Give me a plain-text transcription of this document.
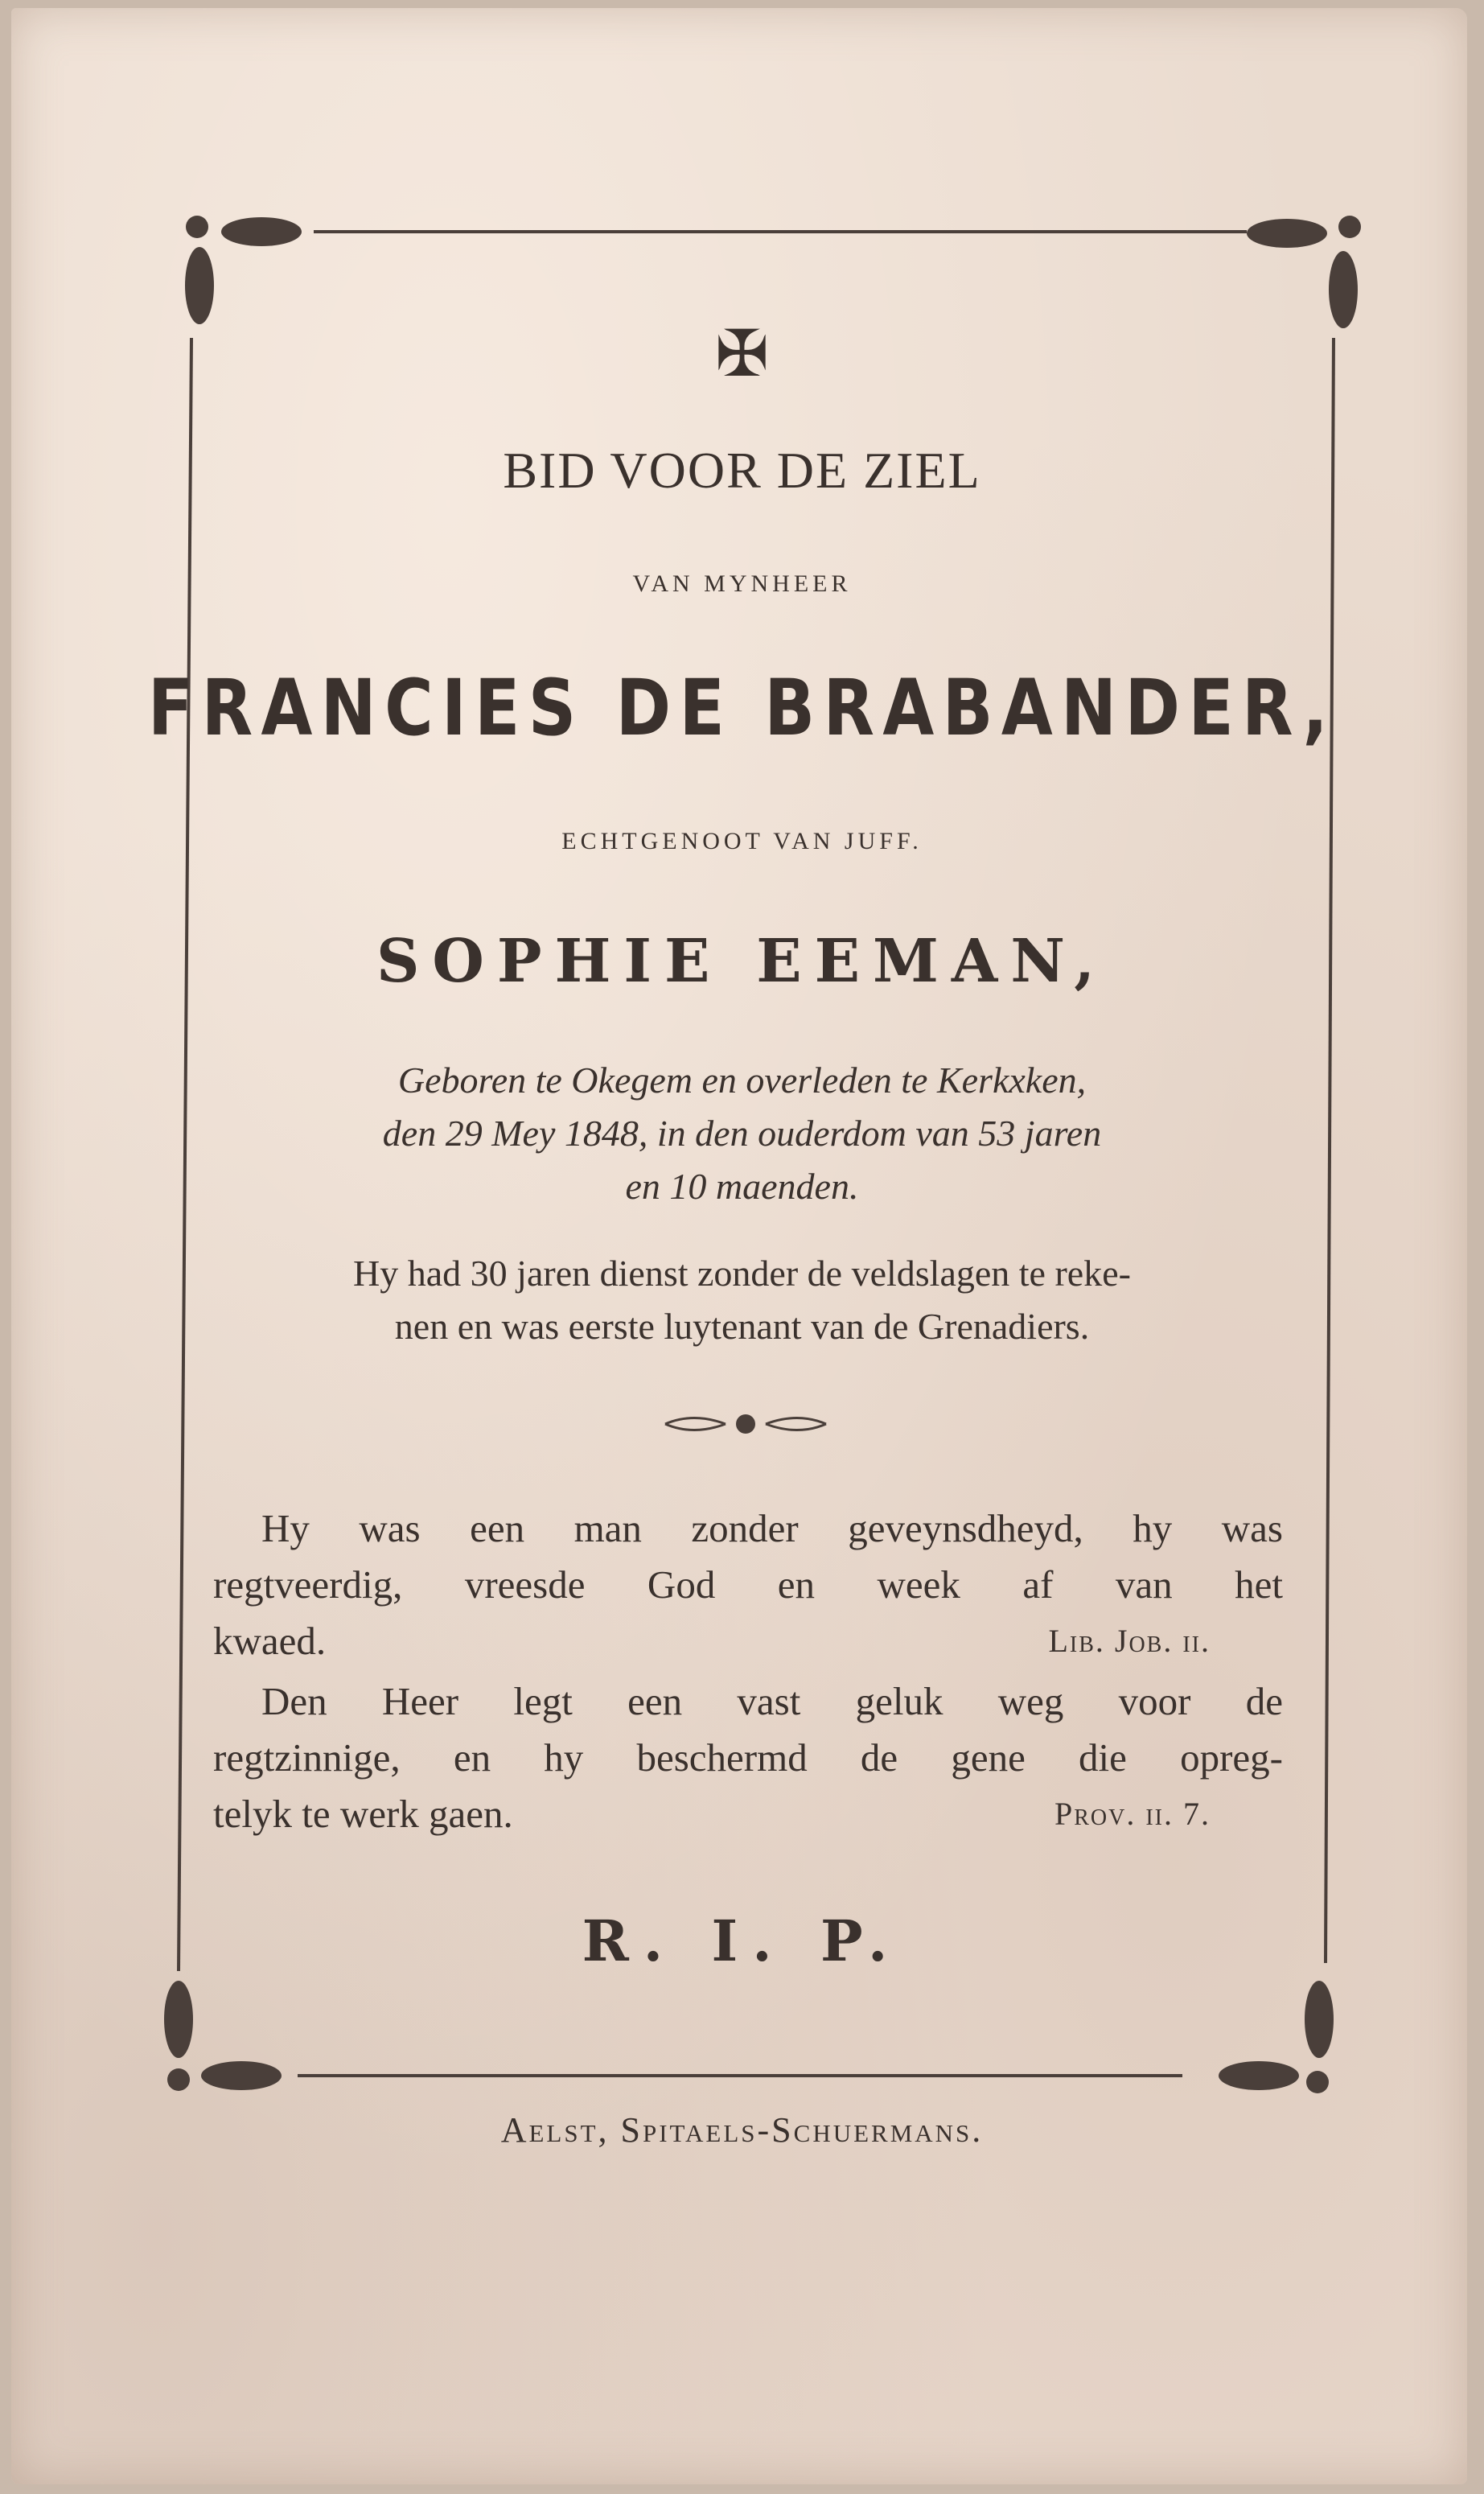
✠

BID VOOR DE ZIEL

VAN MYNHEER

FRANCIES DE BRABANDER,

ECHTGENOOT VAN JUFF.

SOPHIE EEMAN,

Geboren te Okegem en overleden te Kerkxken,
den 29 Mey 1848, in den ouderdom van 53 jaren
en 10 maenden.
Hy had 30 jaren dienst zonder de veldslagen te reke-
nen en was eerste luytenant van de Grenadiers.
Hy was een man zonder geveynsdheyd, hy was
regtveerdig, vreesde God en week af van het
kwaed.	Lib. Job. ii.
Den Heer legt een vast geluk weg voor de
regtzinnige, en hy beschermd de gene die opreg-
telyk te werk gaen.	Prov. ii. 7.

R. I. P.

Aelst, Spitaels-Schuermans.
